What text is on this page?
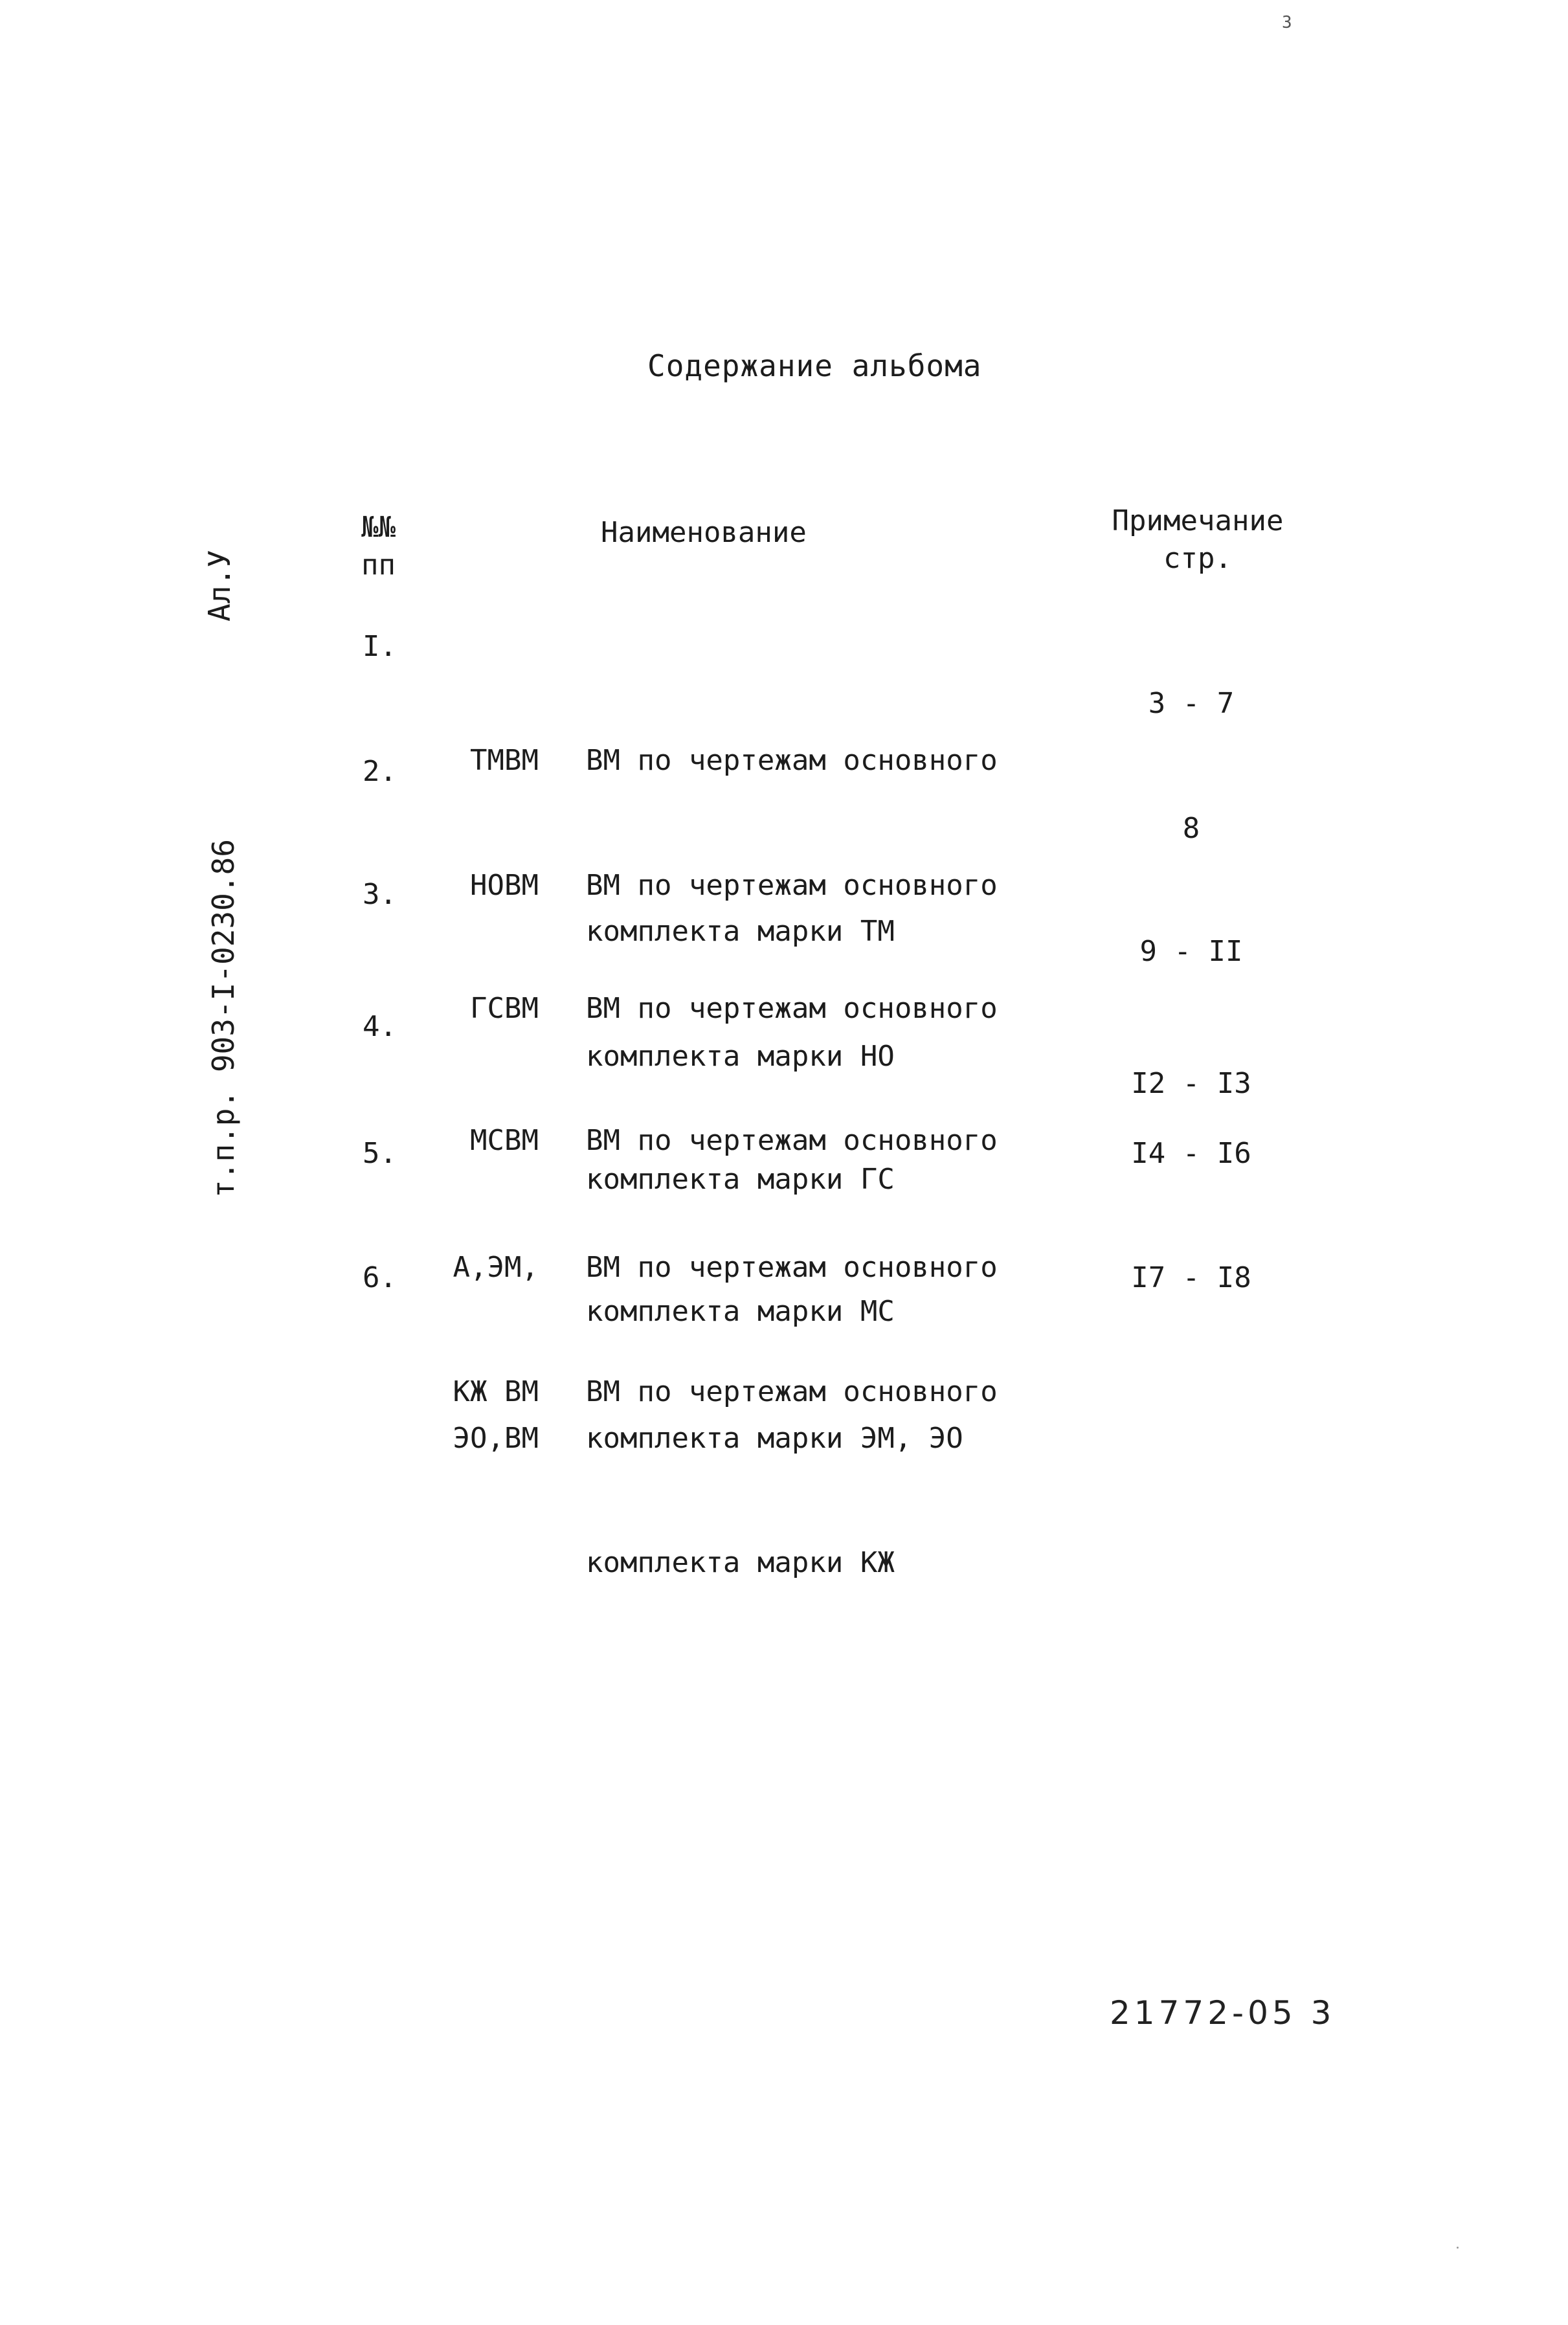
3
Ал.У
т.п.р. 903-I-0230.86
Содержание альбома
№№
пп
Наименование	Примечание
стр.
I.

ТМВМ

ВМ по чертежам основного

комплекта марки ТМ

3 - 7
2.

НОВМ

ВМ по чертежам основного

комплекта марки НО

8
3.

ГСВМ

ВМ по чертежам основного

комплекта марки ГС

9 - II
4.

МСВМ

ВМ по чертежам основного

комплекта марки МС

I2 - I3
5.

А,ЭМ,

ЭО,ВМ

ВМ по чертежам основного

комплекта марки ЭМ, ЭО

I4 - I6
6.

КЖ ВМ

ВМ по чертежам основного

комплекта марки КЖ

I7 - I8
21772-05 3
